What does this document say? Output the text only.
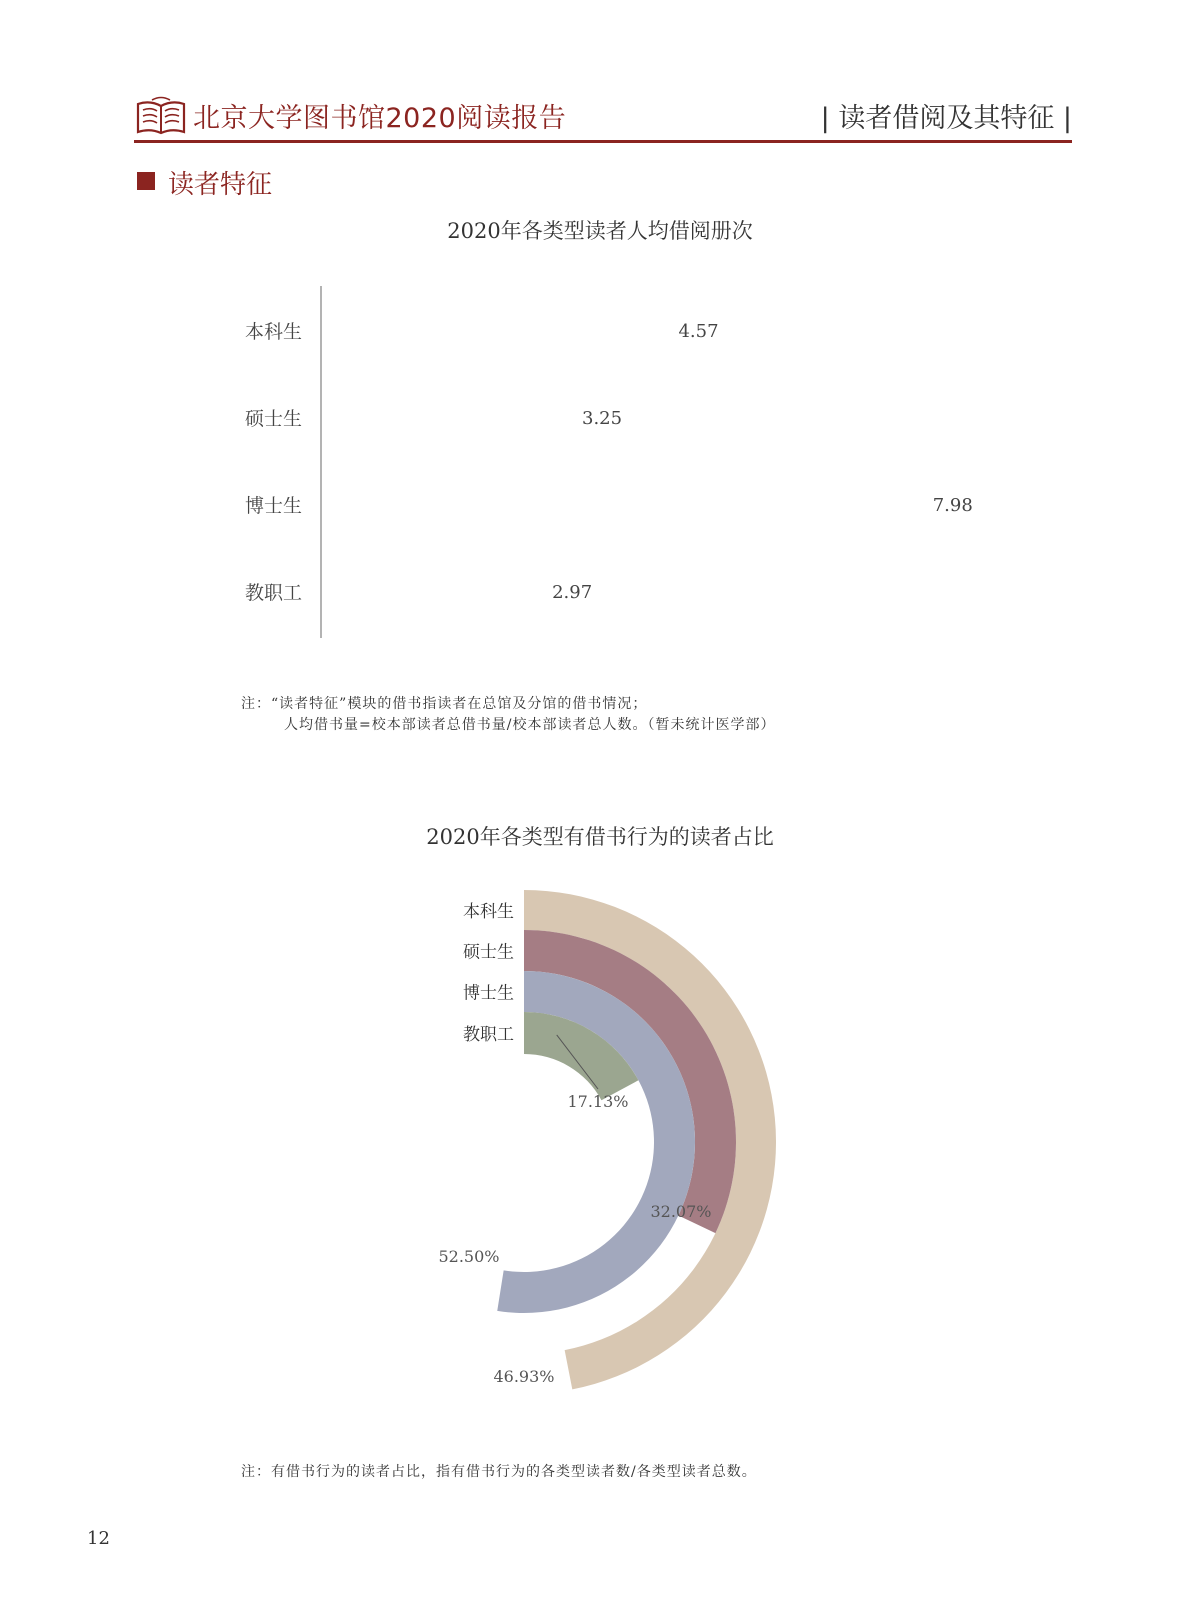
北京大学图书馆2020阅读报告	| 读者借阅及其特征 |
读者特征
2020年各类型读者人均借阅册次
本科生	4.57
硕士生	3.25
博士生	7.98
教职工	2.97
注：“读者特征”模块的借书指读者在总馆及分馆的借书情况；
人均借书量=校本部读者总借书量/校本部读者总人数。（暂未统计医学部）
2020年各类型有借书行为的读者占比
本科生
硕士生
博士生
教职工
46.93%
32.07%
52.50%
17.13%
注：有借书行为的读者占比，指有借书行为的各类型读者数/各类型读者总数。
12
